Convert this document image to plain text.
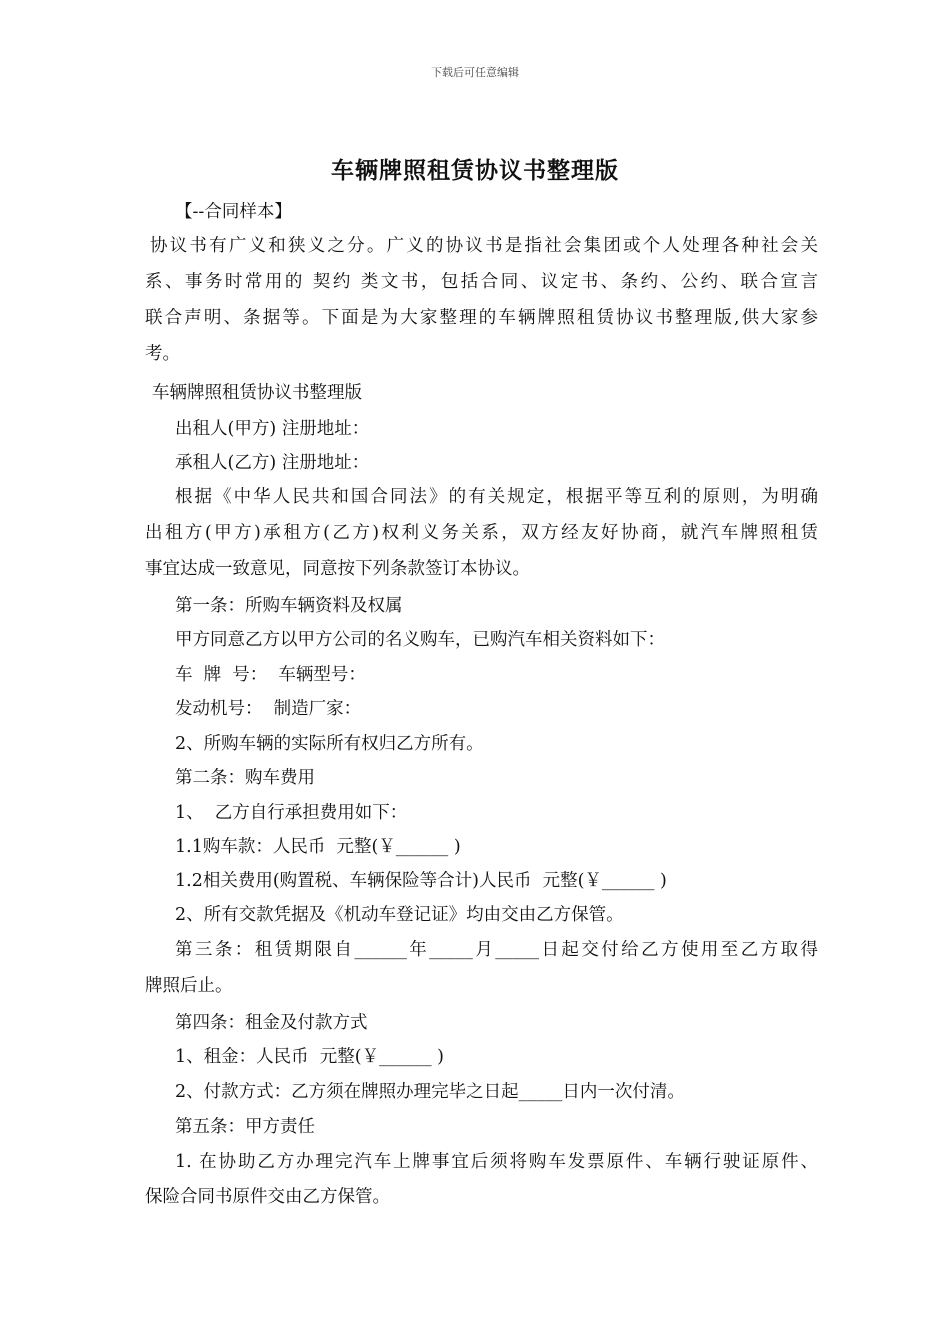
下载后可任意编辑
车辆牌照租赁协议书整理版
【--合同样本】
协议书有广义和狭义之分。广义的协议书是指社会集团或个人处理各种社会关
系、事务时常用的 契约 类文书，包括合同、议定书、条约、公约、联合宣言
联合声明、条据等。下面是为大家整理的车辆牌照租赁协议书整理版,供大家参
考。
车辆牌照租赁协议书整理版
出租人(甲方) 注册地址：
承租人(乙方) 注册地址：
根据《中华人民共和国合同法》的有关规定，根据平等互利的原则，为明确
出租方(甲方)承租方(乙方)权利义务关系，双方经友好协商，就汽车牌照租赁
事宜达成一致意见，同意按下列条款签订本协议。
第一条：所购车辆资料及权属
甲方同意乙方以甲方公司的名义购车，已购汽车相关资料如下：
车  牌  号：  车辆型号：
发动机号：  制造厂家：
2、所购车辆的实际所有权归乙方所有。
第二条：购车费用
1、  乙方自行承担费用如下：
1.1购车款：人民币  元整(￥______ )
1.2相关费用(购置税、车辆保险等合计)人民币  元整(￥______ )
2、所有交款凭据及《机动车登记证》均由交由乙方保管。
第三条：租赁期限自______年_____月_____日起交付给乙方使用至乙方取得
牌照后止。
第四条：租金及付款方式
1、租金：人民币  元整(￥______ )
2、付款方式：乙方须在牌照办理完毕之日起_____日内一次付清。
第五条：甲方责任
1. 在协助乙方办理完汽车上牌事宜后须将购车发票原件、车辆行驶证原件、
保险合同书原件交由乙方保管。
